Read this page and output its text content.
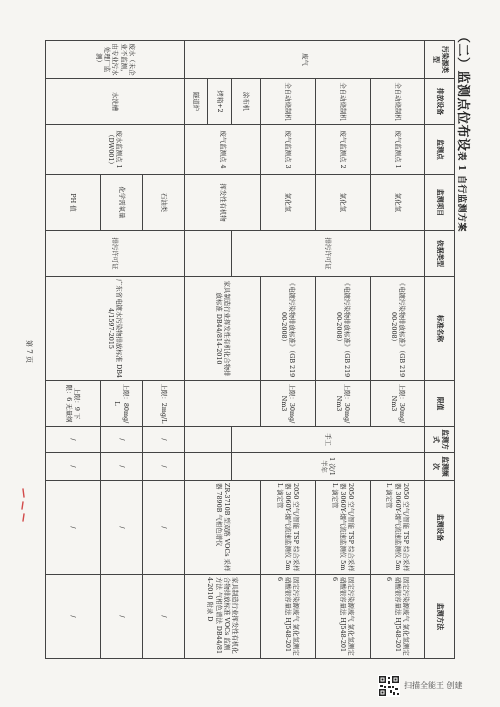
（二）监测点位布设表 1 自行监测方案
污染源类型	排放设备	监测点	监测项目	依据类型	标准名称	限值	监测方式	监测频次	监测设备	监测方法
废气	全自动烧制机	废气监测点 1	氯化氢	排污许可证	《电镀污染物排放标准》（GB 21900-2008）	上限：30mg/Nm3	手工	1 次/1 半年	2050 空气/智能 TSP 综合采样器 3060Y-烟气流速监测仪 5mL 滴定管	固定污染源废气 氯化氢测定 硝酸银容量法 HJ548-2016
	全自动烧制机	废气监测点 2	氯化氢		《电镀污染物排放标准》（GB 21900-2008）	上限：30mg/Nm3			2050 空气/智能 TSP 综合采样器 3060Y-烟气流速监测仪 5mL 滴定管	固定污染源废气 氯化氢测定 硝酸银容量法 HJ548-2016
	全自动烧制机	废气监测点 3	氯化氢		《电镀污染物排放标准》（GB 21900-2008）	上限：30mg/Nm3			2050 空气/智能 TSP 综合采样器 3060Y-烟气流速监测仪 5mL 滴定管	固定污染源废气 氯化氢测定 硝酸银容量法 HJ548-2016
	涂布机	废气监测点 4	挥发性有机物		家具制造行业挥发性有机化合物排放标准 DB44/814-2010				ZR-3710B 型双路 VOCs 采样器 7890B 气相色谱仪	家具制造行业挥发性有机化合物排放标准 VOCs 监测方法 气相色谱法 DB44/814-2010 附录 D
	烤箱+2									
	隧道炉									
废水（未企业不监测，由专业污水处理厂监测）	水洗槽	废水监测点 1（DW001）	石油类	排污许可证	广东省电镀水污染物排放标准 DB44/1597-2015	上限：2mg/L	/	/	/	/
			化学需氧量			上限：80mg/L	/	/	/	/
			PH 值			上限：9 下限：6 无量纲	/	/	/	/
第 7 页
扫描全能王 创建
